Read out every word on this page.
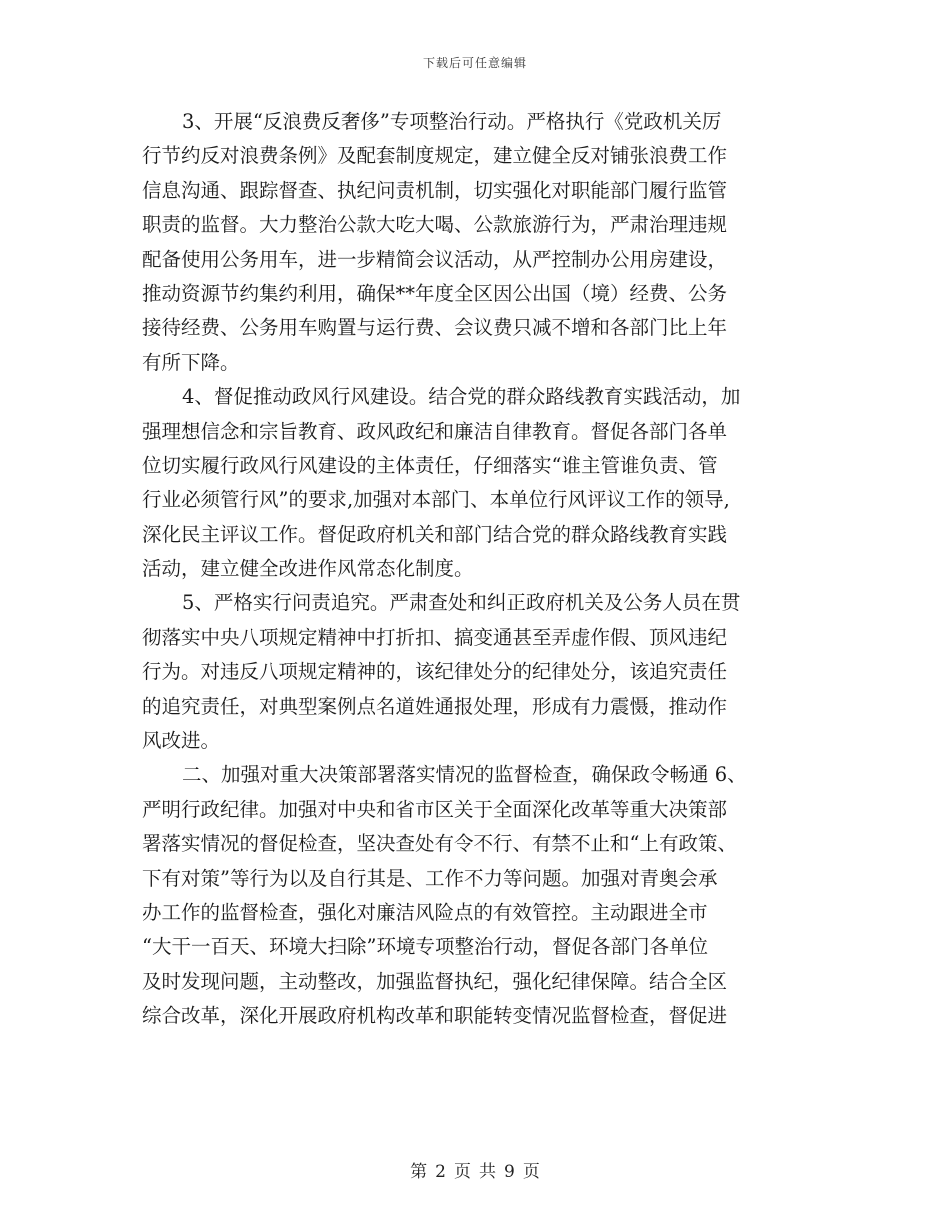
下载后可任意编辑
3、开展“反浪费反奢侈”专项整治行动。严格执行《党政机关厉
行节约反对浪费条例》及配套制度规定，建立健全反对铺张浪费工作
信息沟通、跟踪督查、执纪问责机制，切实强化对职能部门履行监管
职责的监督。大力整治公款大吃大喝、公款旅游行为，严肃治理违规
配备使用公务用车，进一步精简会议活动，从严控制办公用房建设，
推动资源节约集约利用，确保**年度全区因公出国（境）经费、公务
接待经费、公务用车购置与运行费、会议费只减不增和各部门比上年
有所下降。
4、督促推动政风行风建设。结合党的群众路线教育实践活动，加
强理想信念和宗旨教育、政风政纪和廉洁自律教育。督促各部门各单
位切实履行政风行风建设的主体责任，仔细落实“谁主管谁负责、管
行业必须管行风”的要求,加强对本部门、本单位行风评议工作的领导,
深化民主评议工作。督促政府机关和部门结合党的群众路线教育实践
活动，建立健全改进作风常态化制度。
5、严格实行问责追究。严肃查处和纠正政府机关及公务人员在贯
彻落实中央八项规定精神中打折扣、搞变通甚至弄虚作假、顶风违纪
行为。对违反八项规定精神的，该纪律处分的纪律处分，该追究责任
的追究责任，对典型案例点名道姓通报处理，形成有力震慑，推动作
风改进。
二、加强对重大决策部署落实情况的监督检查，确保政令畅通 6、
严明行政纪律。加强对中央和省市区关于全面深化改革等重大决策部
署落实情况的督促检查，坚决查处有令不行、有禁不止和“上有政策、
下有对策”等行为以及自行其是、工作不力等问题。加强对青奥会承
办工作的监督检查，强化对廉洁风险点的有效管控。主动跟进全市
“大干一百天、环境大扫除”环境专项整治行动，督促各部门各单位
及时发现问题，主动整改，加强监督执纪，强化纪律保障。结合全区
综合改革，深化开展政府机构改革和职能转变情况监督检查，督促进
第 2 页 共 9 页
